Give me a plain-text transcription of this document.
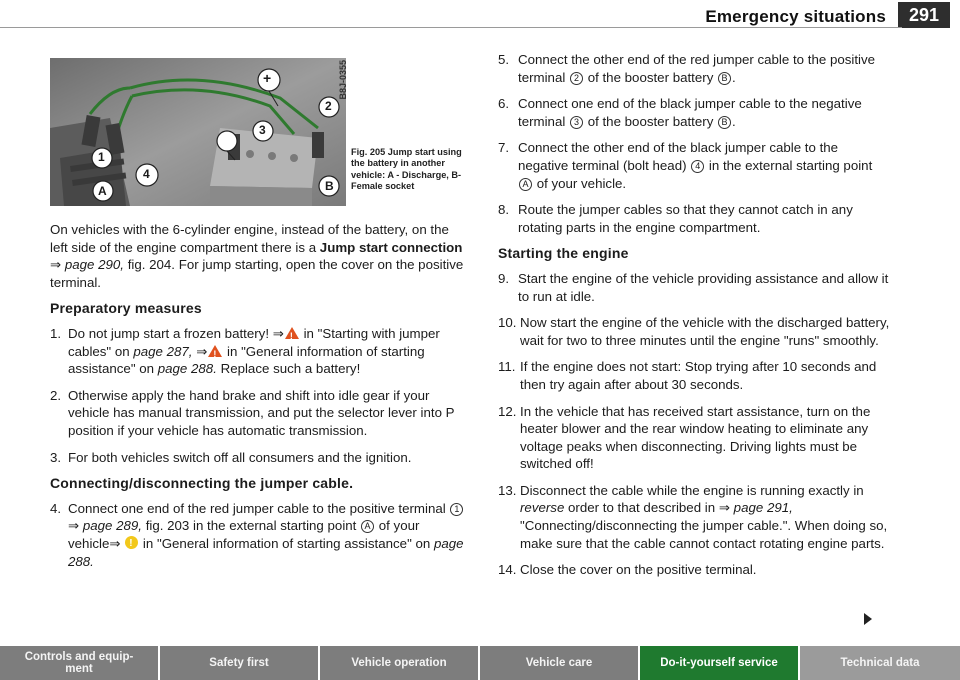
Emergency situations	291
+
1
2
3
4
A	B
B8J-0355
Fig. 205 Jump start using the battery in another vehicle: A - Discharge, B- Female socket

On vehicles with the 6-cylinder engine, instead of the battery, on the left side of the engine compartment there is a Jump start connection ⇒ page 290, fig. 204. For jump starting, open the cover on the positive terminal.

Preparatory measures
1. Do not jump start a frozen battery! ⇒! in "Starting with jumper cables" on page 287, ⇒! in "General information of starting assistance" on page 288. Replace such a battery!
2. Otherwise apply the hand brake and shift into idle gear if your vehicle has manual transmission, and put the selector lever into P position if your vehicle has automatic transmission.
3. For both vehicles switch off all consumers and the ignition.
Connecting/disconnecting the jumper cable.
4. Connect one end of the red jumper cable to the positive terminal 1 ⇒ page 289, fig. 203 in the external starting point A of your vehicle⇒ ! in "General information of starting assistance" on page 288.
5. Connect the other end of the red jumper cable to the positive terminal 2 of the booster battery B .
6. Connect one end of the black jumper cable to the negative terminal 3 of the booster battery B .
7. Connect the other end of the black jumper cable to the negative terminal (bolt head) 4 in the external starting point A of your vehicle.
8. Route the jumper cables so that they cannot catch in any rotating parts in the engine compartment.
Starting the engine
9. Start the engine of the vehicle providing assistance and allow it to run at idle.
10. Now start the engine of the vehicle with the discharged battery, wait for two to three minutes until the engine "runs" smoothly.
11. If the engine does not start: Stop trying after 10 seconds and then try again after about 30 seconds.
12. In the vehicle that has received start assistance, turn on the heater blower and the rear window heating to eliminate any voltage peaks when disconnecting. Driving lights must be switched off!
13. Disconnect the cable while the engine is running exactly in reverse order to that described in ⇒ page 291, "Connecting/disconnecting the jumper cable.". When doing so, make sure that the cable cannot contact rotating engine parts.
14. Close the cover on the positive terminal.
Controls and equip-
ment	Safety first	Vehicle operation	Vehicle care	Do-it-yourself service	Technical data
